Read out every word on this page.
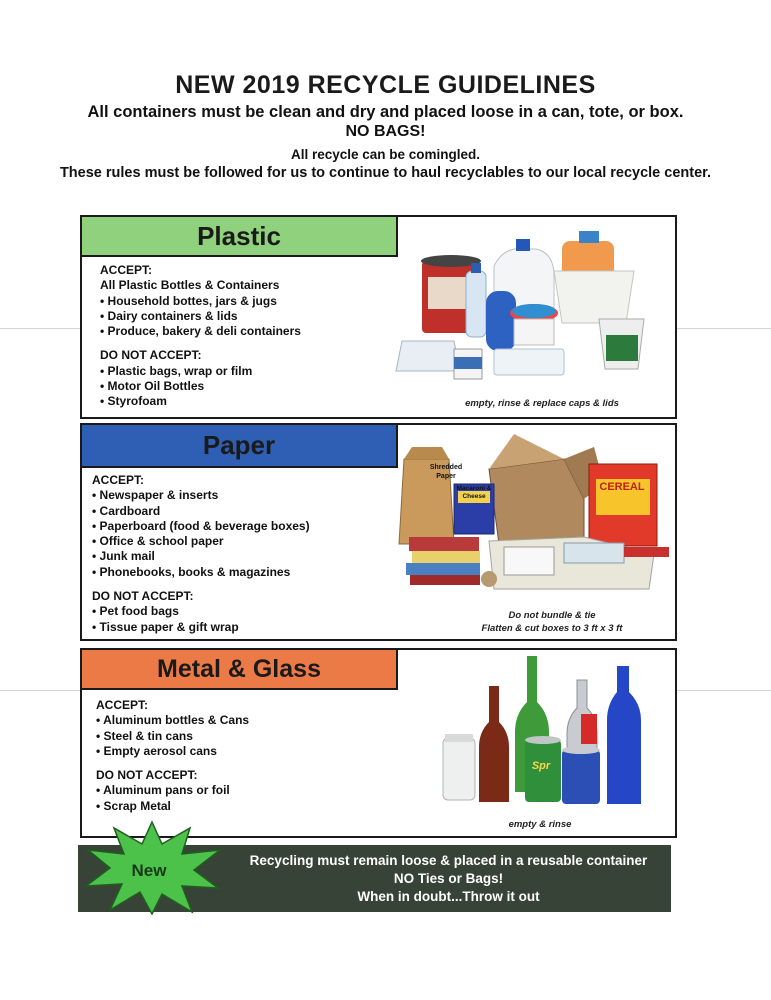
NEW 2019 RECYCLE GUIDELINES
All containers must be clean and dry and placed loose in a can, tote, or box.
NO BAGS!
All recycle can be comingled.
These rules must be followed for us to continue to haul recyclables to our local recycle center.
Plastic
ACCEPT:
All Plastic Bottles & Containers
• Household bottes, jars & jugs
• Dairy containers & lids
• Produce, bakery & deli containers
DO NOT ACCEPT:
• Plastic bags, wrap or film
• Motor Oil Bottles
• Styrofoam	empty, rinse & replace caps & lids
Paper
ACCEPT:
• Newspaper & inserts
• Cardboard
• Paperboard (food & beverage boxes)
• Office & school paper
• Junk mail
• Phonebooks, books & magazines
DO NOT ACCEPT:
• Pet food bags
• Tissue paper & gift wrap
Shredded Paper
Macaroni & Cheese
CEREAL
Do not bundle & tie
Flatten & cut boxes to 3 ft x 3 ft
Metal & Glass
ACCEPT:
• Aluminum bottles & Cans
• Steel & tin cans
• Empty aerosol cans
DO NOT ACCEPT:
• Aluminum pans or foil
• Scrap Metal
Spr
empty & rinse
Recycling must remain loose & placed in a reusable container
NO Ties or Bags!
When in doubt...Throw it out
New
